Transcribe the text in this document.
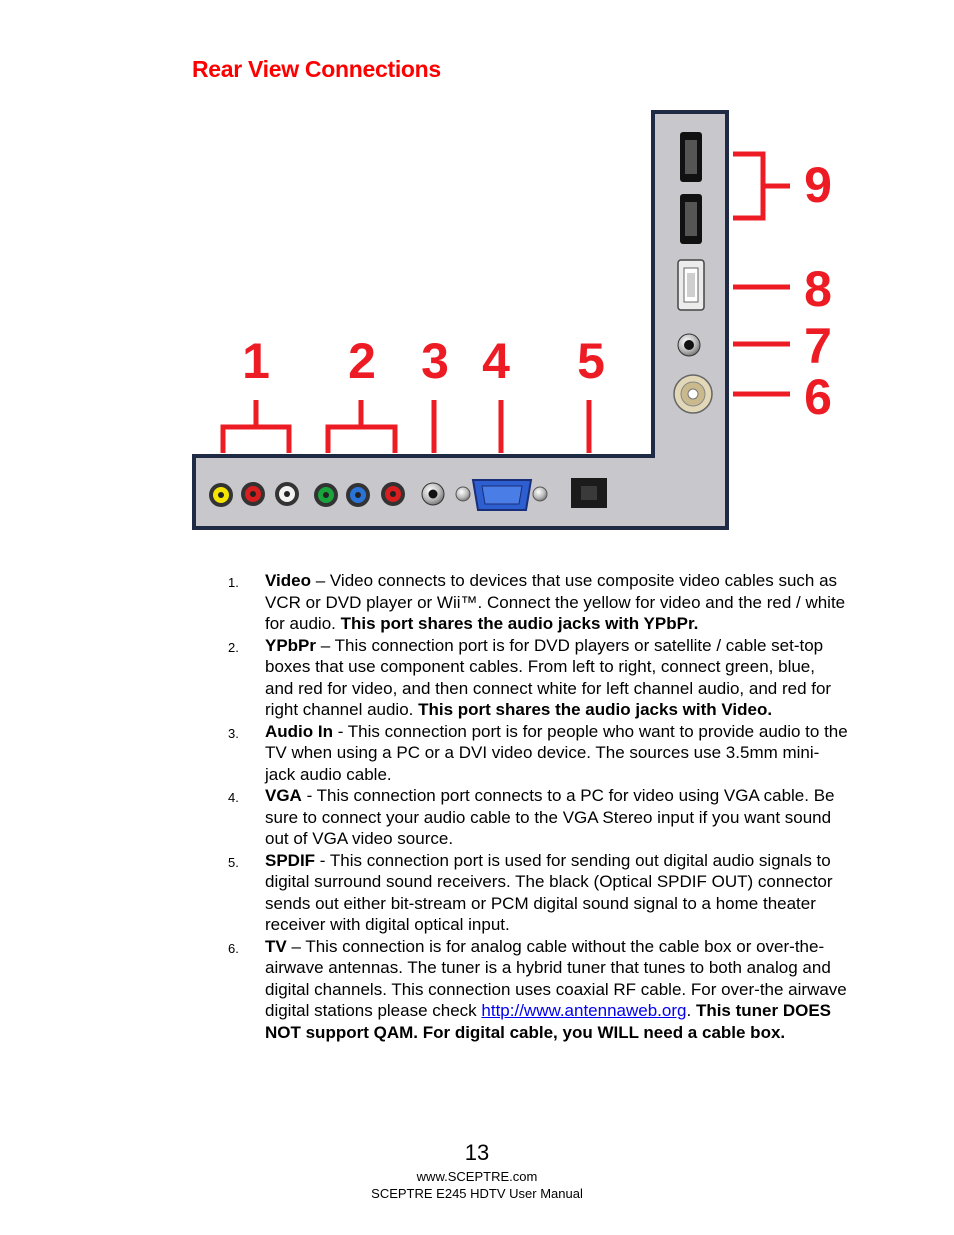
Rear View Connections
1 2 3 4 5
6
7
8
9
1. Video – Video connects to devices that use composite video cables such as VCR or DVD player or Wii™. Connect the yellow for video and the red / white for audio. This port shares the audio jacks with YPbPr.
2. YPbPr – This connection port is for DVD players or satellite / cable set-top boxes that use component cables. From left to right, connect green, blue, and red for video, and then connect white for left channel audio, and red for right channel audio. This port shares the audio jacks with Video.
3. Audio In - This connection port is for people who want to provide audio to the TV when using a PC or a DVI video device. The sources use 3.5mm mini-jack audio cable.
4. VGA - This connection port connects to a PC for video using VGA cable. Be sure to connect your audio cable to the VGA Stereo input if you want sound out of VGA video source.
5. SPDIF - This connection port is used for sending out digital audio signals to digital surround sound receivers. The black (Optical SPDIF OUT) connector sends out either bit-stream or PCM digital sound signal to a home theater receiver with digital optical input.
6. TV – This connection is for analog cable without the cable box or over-the-airwave antennas. The tuner is a hybrid tuner that tunes to both analog and digital channels. This connection uses coaxial RF cable. For over-the airwave digital stations please check http://www.antennaweb.org. This tuner DOES NOT support QAM. For digital cable, you WILL need a cable box.
13
www.SCEPTRE.com
SCEPTRE E245 HDTV User Manual
